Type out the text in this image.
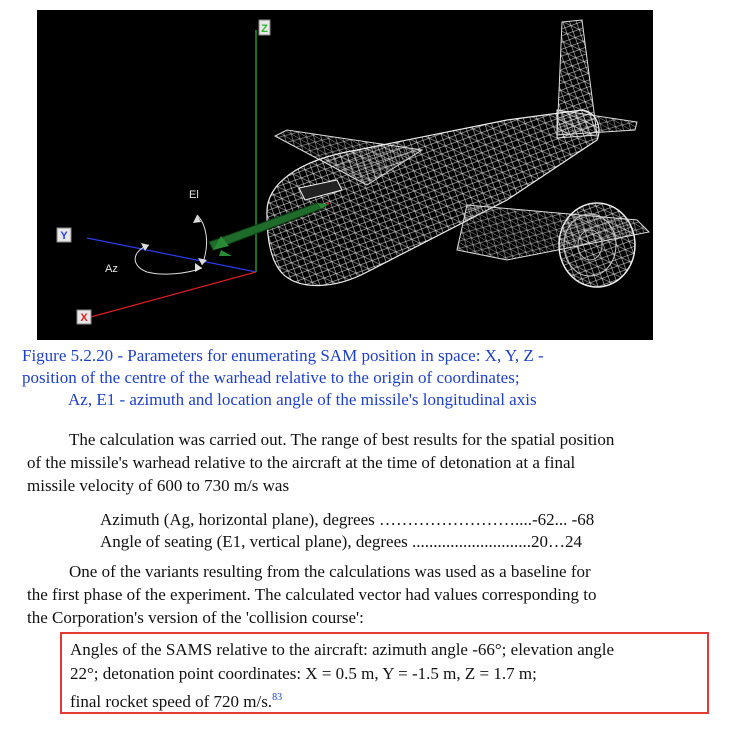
Z
Y
X
El
Az
Figure 5.2.20 - Parameters for enumerating SAM position in space: X, Y, Z -
position of the centre of the warhead relative to the origin of coordinates;
Az, E1 - azimuth and location angle of the missile's longitudinal axis
The calculation was carried out. The range of best results for the spatial position
of the missile's warhead relative to the aircraft at the time of detonation at a final
missile velocity of 600 to 730 m/s was
Azimuth (Ag, horizontal plane), degrees ……………………....-62... -68
Angle of seating (E1, vertical plane), degrees ............................20…24
One of the variants resulting from the calculations was used as a baseline for
the first phase of the experiment. The calculated vector had values corresponding to
the Corporation's version of the 'collision course':
Angles of the SAMS relative to the aircraft: azimuth angle -66°; elevation angle
22°; detonation point coordinates: X = 0.5 m, Y = -1.5 m, Z = 1.7 m;
final rocket speed of 720 m/s.$^{83}$
